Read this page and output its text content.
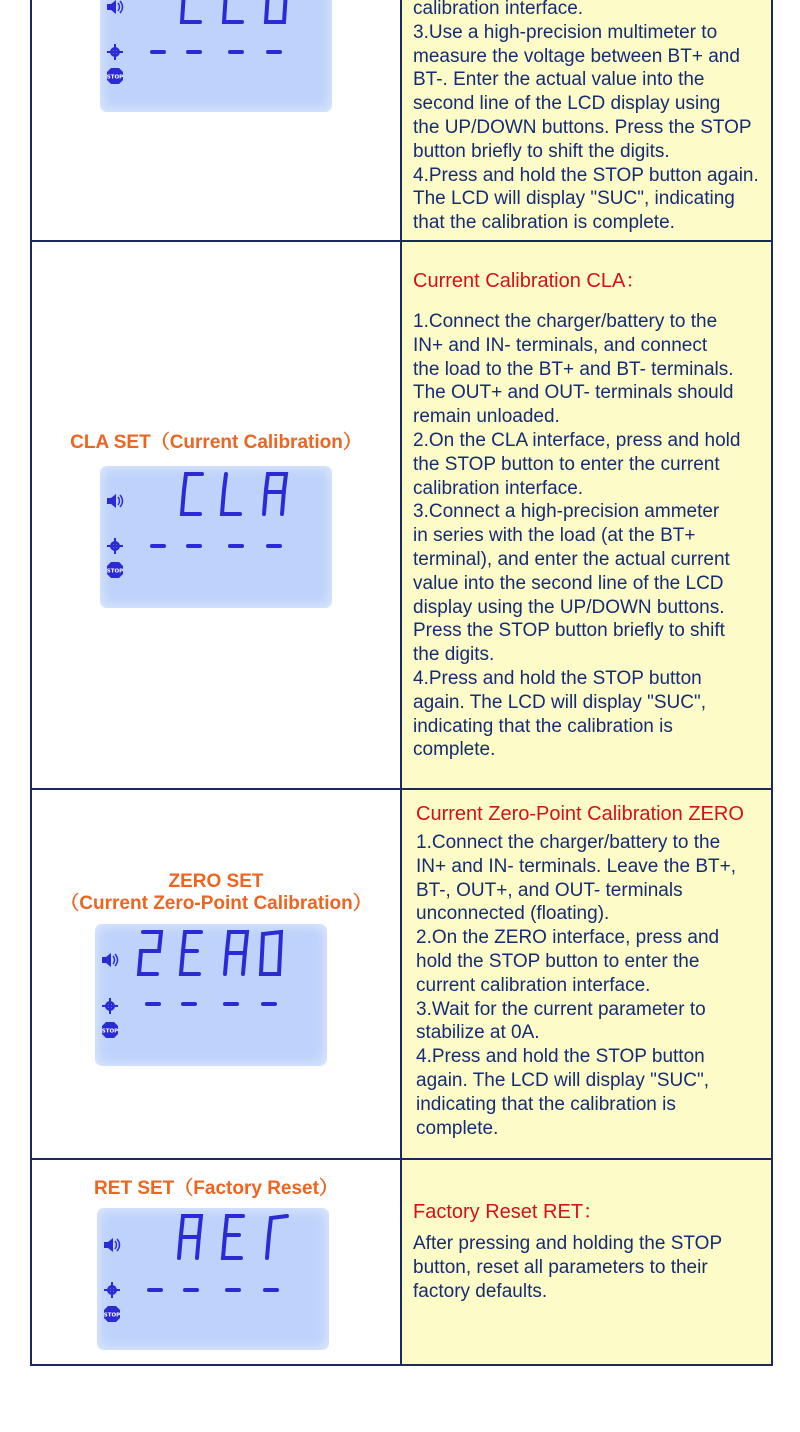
STOP
calibration interface.
3.Use a high-precision multimeter to
measure the voltage between BT+ and
BT-. Enter the actual value into the
second line of the LCD display using
the UP/DOWN buttons. Press the STOP
button briefly to shift the digits.
4.Press and hold the STOP button again.
The LCD will display "SUC", indicating
that the calibration is complete.
CLA SET（Current Calibration）
STOP
Current Calibration CLA：
1.Connect the charger/battery to the
IN+ and IN- terminals, and connect
the load to the BT+ and BT- terminals.
The OUT+ and OUT- terminals should
remain unloaded.
2.On the CLA interface, press and hold
the STOP button to enter the current
calibration interface.
3.Connect a high-precision ammeter
in series with the load (at the BT+
terminal), and enter the actual current
value into the second line of the LCD
display using the UP/DOWN buttons.
Press the STOP button briefly to shift
the digits.
4.Press and hold the STOP button
again. The LCD will display "SUC",
indicating that the calibration is
complete.
ZERO SET
（Current Zero-Point Calibration）
STOP
Current Zero-Point Calibration ZERO
1.Connect the charger/battery to the
IN+ and IN- terminals. Leave the BT+,
BT-, OUT+, and OUT- terminals
unconnected (floating).
2.On the ZERO interface, press and
hold the STOP button to enter the
current calibration interface.
3.Wait for the current parameter to
stabilize at 0A.
4.Press and hold the STOP button
again. The LCD will display "SUC",
indicating that the calibration is
complete.
RET SET（Factory Reset）
STOP
Factory Reset RET：
After pressing and holding the STOP
button, reset all parameters to their
factory defaults.
